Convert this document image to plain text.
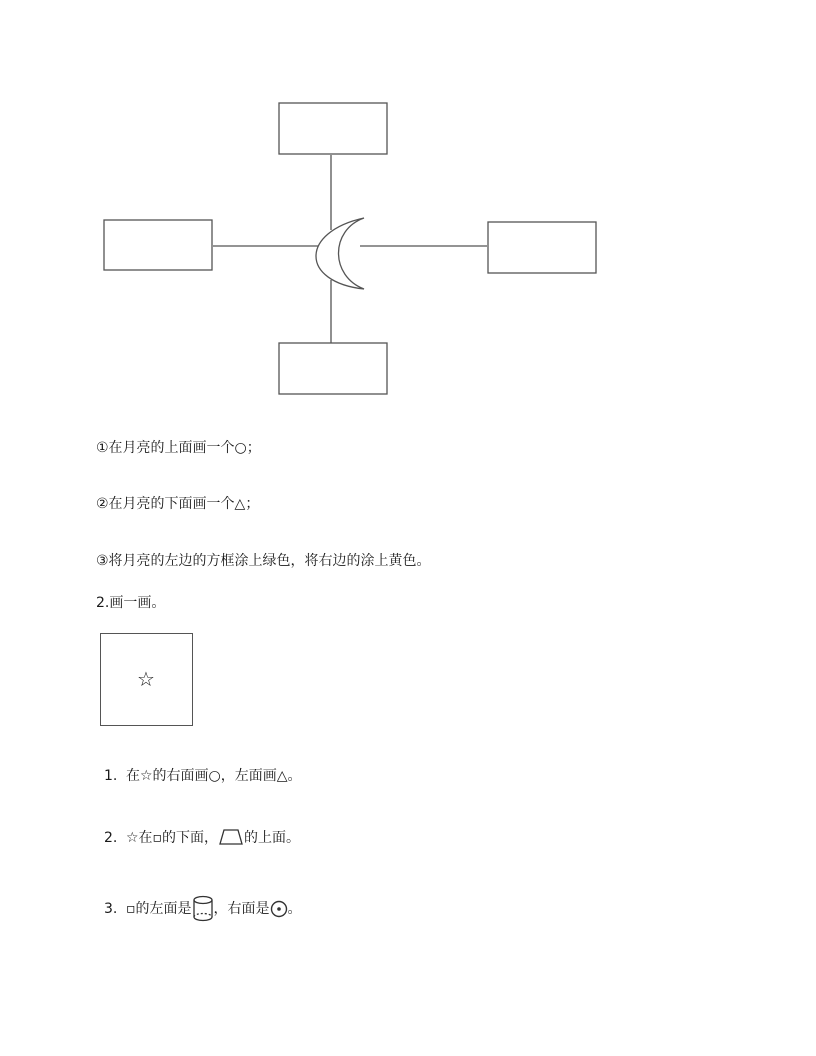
①在月亮的上面画一个○；
②在月亮的下面画一个△；
③将月亮的左边的方框涂上绿色，将右边的涂上黄色。
2.画一画。
☆
1. 在☆的右面画○，左面画△。
2. ☆在▫的下面， 的上面。
3. ▫的左面是 ，右面是 。
